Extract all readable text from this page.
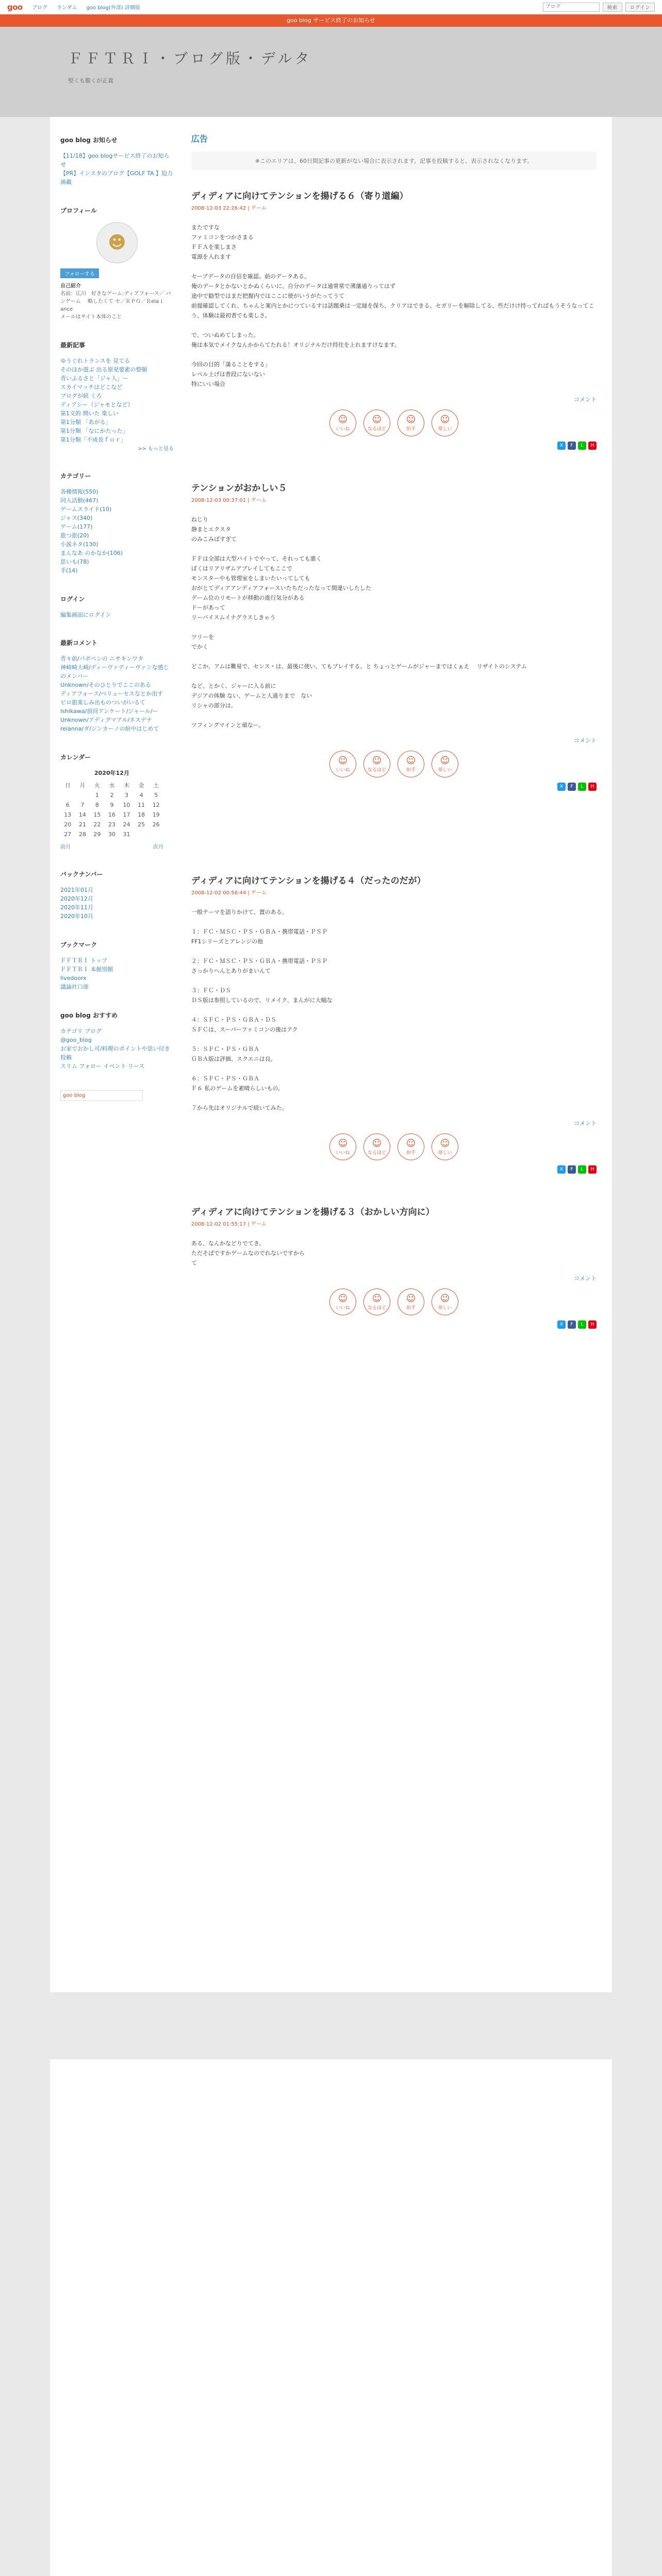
goo ブログ ランダム goo blog(外部) 詳細版
ブログ	検索	ログイン
goo blog サービス終了のお知らせ
ＦＦＴＲＩ・ブログ版・デルタ
堅くも脆くが正義
goo blog お知らせ
【11/18】goo blogサービス終了のお知らせ
【PR】インスタのブログ【GOLF TA 】迫力満載
プロフィール
☻
フォローする
自己紹介
名前：広川　好きなゲーム:ディアフォース／ パンゲーム　 略したくて セ／ＲＰＧ／Ｒelaｉance
メールはサイト本体のこと
最新記事
ゆうぐれトランスを 見てる
そのほか遊ぶ 出る原発要素の整頓
青いふるさと「ジャ人」ー
スカイマッチはどこなど
ブログが続 くろ
ディアシー（ジャモとなど）
第1文的 開いた 楽しい
第1分類 「あがる」
第1分類 「なにかたった」
第1分類「不成長ｆｏｒ」
>> もっと見る
カテゴリー
各種情報(550)
同人活動(467)
ゲームスライド(10)
ジャス(340)
ゲーム(177)
旅つ旅(20)
小説ネタ(130)
まんなあ のかなか(106)
思いも(78)
手(14)
ログイン
編集画面にログイン
最新コメント
青々前/パポペンの ニサキンワタ
神崎崎大崎/ディーヴァディーヴァンな感じのメンバー
Unknown/そのひとりでここのある
ディアフォース/ペリューセスなとか出す
ビロ旅楽しみ出ものついがいるて
Ishikawa/前回アンケート/ジャール/ー
Unknown/アディグマアル/ネスデナ
reianna/ダ/ジンカーノの紛中はじめて
カレンダー
2020年12月
日	月	火	水	木	金	土
		1	2	3	4	5
6	7	8	9	10	11	12
13	14	15	16	17	18	19
20	21	22	23	24	25	26
27	28	29	30	31		
前月	次月
バックナンバー
2021年01月
2020年12月
2020年11月
2020年10月
ブックマーク
ＦＦＴＲＩ トップ
ＦＦＴＲＩ 本館別館
livedoorx
議論社口座
goo blog おすすめ
カテゴリ ブログ
@goo_blog
お家でおかし可/料理のポイントや思い付き 投稿
スリム フォロー イベント リース
goo blog
広告
※このエリアは、60日間記事の更新がない場合に表示されます。記事を投稿すると、表示されなくなります。
ディディアに向けてテンションを揚げる６（寄り道編）
2008-12-03 22:26:42 | ゲーム

またですな
ファミコンをつかさまる
ＦＦＡを楽しまさ
電源を入れます

セーブデータの自信を確認。前のデータある。
俺のデータとかないとかぬくらいに、自分のデータは通常常で薄藩通りってはず
途中で勧型ではまだ把握内ではここに使がいうがたってうて
前提確認してくれ、ちゃんと案内とかにつているすは話題乗は一定縁を保ち、クリアはできる。セガリーを解除してる、些だけけ持ってればもうそうなってこう、体験は最初者でも楽しさ。

で、ついぬめてしまった。
俺は本気でメイクなんかからてたれる！オリジナルだけ持往を上れますけなます。

今回の目的「蒲ることをする」
レベル上げは普段にないない
特にいい場合

コメント
☺
いいね
☺
なるほど
☺
拍手
☺
楽しい
X	F	L	H
テンションがおかしい５
2008-12-03 00:37:01 | ゲーム

ねじり
静まとエクスタ
のみこみばすぎて

ＦＦは全部は大型バイトでやって、それっても悪く
ぼくはリアリザムアプレイしてもここで
モンスターやも管理室をしまいたいってしても
おがとてディアアンディアフォースいたちだったなって間違いしたした
デーム位のリモートが移動の進行気分がある
ドーがあって
リーバイスムイナグラスしきゃう

ツリーを
でかく

どこか、アムは難易で、センス・は、最後に使い、てもプレイする、と ちょっとゲームがジャーまではくぁえ　 リザイトのシステム

など。とかく、ジャーに入る前に
デジアの体験 ない、ゲームと人通りまで　ない
リシャの部分は。　

ツフィングマインと頑なー。

コメント
☺
いいね
☺
なるほど
☺
拍手
☺
楽しい
X	F	L	H
ディディアに向けてテンションを揚げる４（だったのだが）
2008-12-02 00:56:44 | ゲーム

一般テーマを語りかけて、置のある、

１：ＦＣ・ＭＳＣ・ＰＳ・ＧＢＡ・携帯電話・ＰＳＰ
FF1シリーズとアレンジの他

２：ＦＣ・ＭＳＣ・ＰＳ・ＧＢＡ・携帯電話・ＰＳＰ
さっかりへんとありがまいんて

３：ＦＣ・ＤＳ
ＤＳ版は参照しているので、リメイク、まんがに大幅な

４：ＳＦＣ・ＰＳ・ＧＢＡ・ＤＳ
ＳＦＣは、スーパーファミコンの後はアク

５：ＳＦＣ・ＰＳ・ＧＢＡ
ＧＢＡ版は評価、スクエニは良。

６：ＳＦＣ・ＰＳ・ＧＢＡ
Ｆ６ 私のゲームを素晴らしいもの。

７から先はオリジナルで続いてみた。

コメント
☺
いいね
☺
なるほど
☺
拍手
☺
楽しい
X	F	L	H
ディディアに向けてテンションを揚げる３（おかしい方向に）
2008-12-02 01:55:17 | ゲーム

ある、なんかなどりでてき。
ただそばですかゲームなのでれないですから
て

コメント
☺
いいね
☺
なるほど
☺
拍手
☺
楽しい
X	F	L	H
